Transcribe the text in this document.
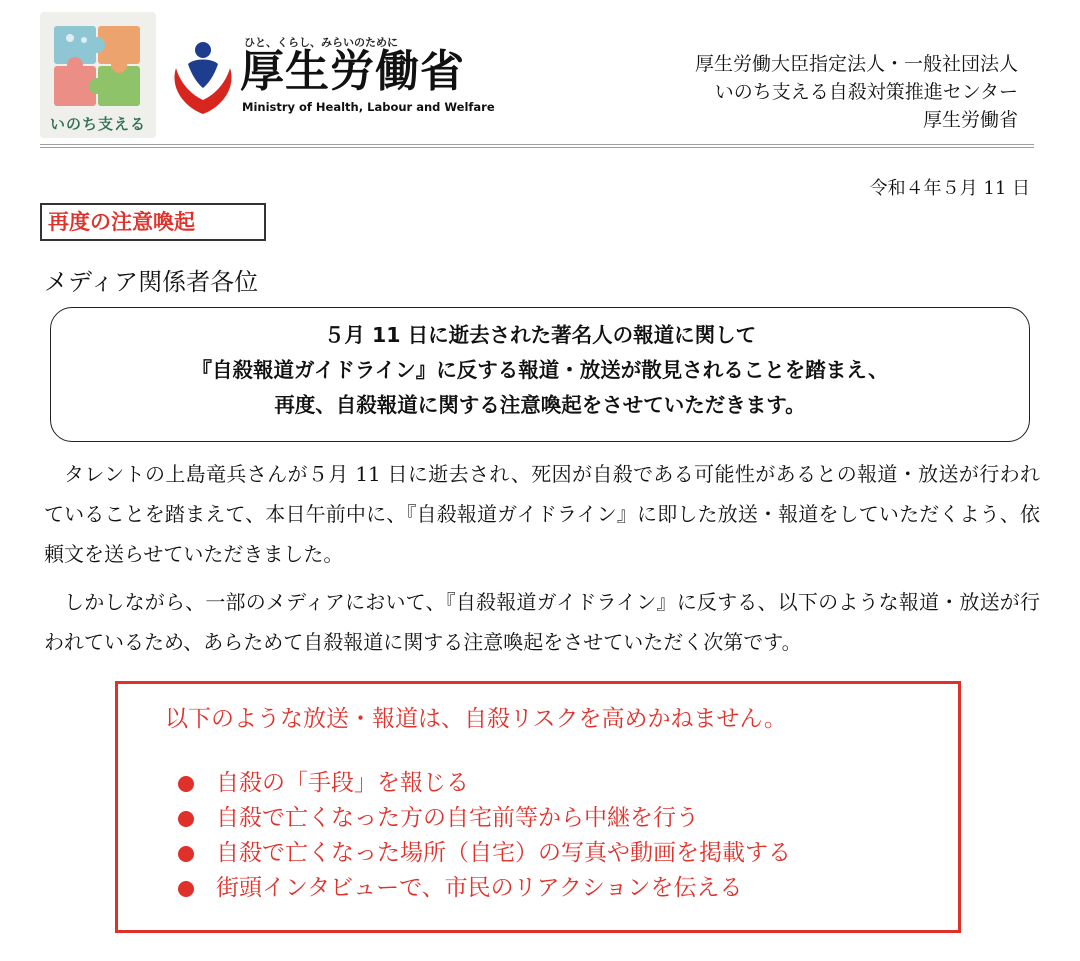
いのち支える
ひと、くらし、みらいのために
厚生労働省
Ministry of Health, Labour and Welfare
厚生労働大臣指定法人・一般社団法人
いのち支える自殺対策推進センター
厚生労働省
令和４年５月 11 日
再度の注意喚起
メディア関係者各位
５月 11 日に逝去された著名人の報道に関して
『自殺報道ガイドライン』に反する報道・放送が散見されることを踏まえ、
再度、自殺報道に関する注意喚起をさせていただきます。

タレントの上島竜兵さんが５月 11 日に逝去され、死因が自殺である可能性があるとの報道・放送が行われていることを踏まえて、本日午前中に、『自殺報道ガイドライン』に即した放送・報道をしていただくよう、依頼文を送らせていただきました。

しかしながら、一部のメディアにおいて、『自殺報道ガイドライン』に反する、以下のような報道・放送が行われているため、あらためて自殺報道に関する注意喚起をさせていただく次第です。

以下のような放送・報道は、自殺リスクを高めかねません。
自殺の「手段」を報じる
自殺で亡くなった方の自宅前等から中継を行う
自殺で亡くなった場所（自宅）の写真や動画を掲載する
街頭インタビューで、市民のリアクションを伝える
